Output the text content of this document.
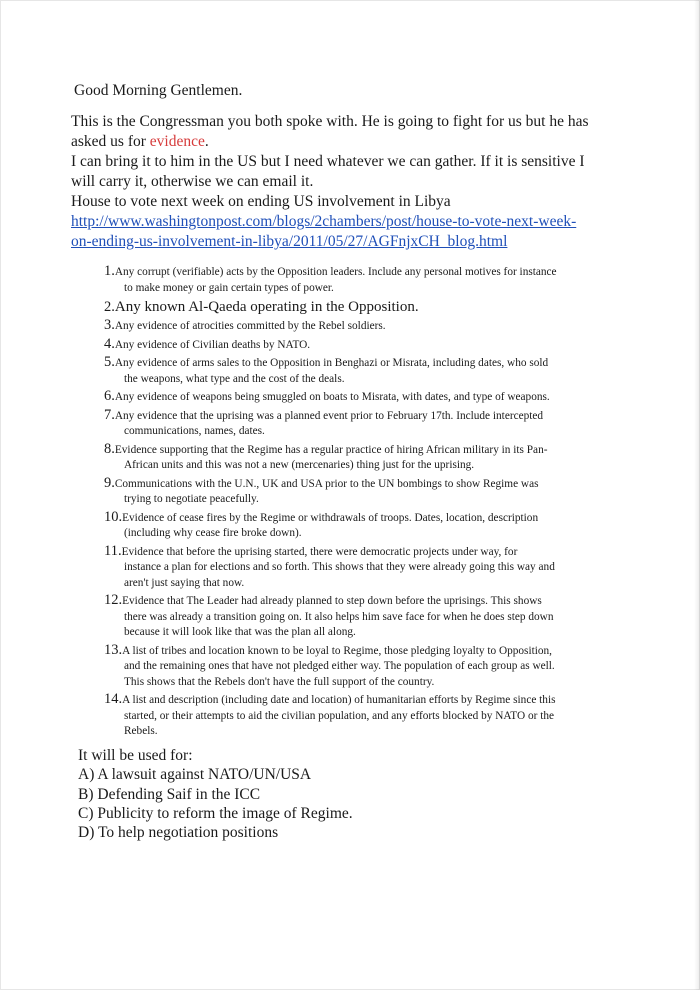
Good Morning Gentlemen.
This is the Congressman you both spoke with. He is going to fight for us but he has
asked us for evidence.
I can bring it to him in the US but I need whatever we can gather. If it is sensitive I
will carry it, otherwise we can email it.
House to vote next week on ending US involvement in Libya
http://www.washingtonpost.com/blogs/2chambers/post/house-to-vote-next-week-
on-ending-us-involvement-in-libya/2011/05/27/AGFnjxCH_blog.html
1.Any corrupt (verifiable) acts by the Opposition leaders. Include any personal motives for instance
to make money or gain certain types of power.
2.Any known Al-Qaeda operating in the Opposition.
3.Any evidence of atrocities committed by the Rebel soldiers.
4.Any evidence of Civilian deaths by NATO.
5.Any evidence of arms sales to the Opposition in Benghazi or Misrata, including dates, who sold
the weapons, what type and the cost of the deals.
6.Any evidence of weapons being smuggled on boats to Misrata, with dates, and type of weapons.
7.Any evidence that the uprising was a planned event prior to February 17th. Include intercepted
communications, names, dates.
8.Evidence supporting that the Regime has a regular practice of hiring African military in its Pan-
African units and this was not a new (mercenaries) thing just for the uprising.
9.Communications with the U.N., UK and USA prior to the UN bombings to show Regime was
trying to negotiate peacefully.
10.Evidence of cease fires by the Regime or withdrawals of troops. Dates, location, description
(including why cease fire broke down).
11.Evidence that before the uprising started, there were democratic projects under way, for
instance a plan for elections and so forth. This shows that they were already going this way and
aren't just saying that now.
12.Evidence that The Leader had already planned to step down before the uprisings. This shows
there was already a transition going on. It also helps him save face for when he does step down
because it will look like that was the plan all along.
13.A list of tribes and location known to be loyal to Regime, those pledging loyalty to Opposition,
and the remaining ones that have not pledged either way. The population of each group as well.
This shows that the Rebels don't have the full support of the country.
14.A list and description (including date and location) of humanitarian efforts by Regime since this
started, or their attempts to aid the civilian population, and any efforts blocked by NATO or the
Rebels.
It will be used for:
A) A lawsuit against NATO/UN/USA
B) Defending Saif in the ICC
C) Publicity to reform the image of Regime.
D) To help negotiation positions
